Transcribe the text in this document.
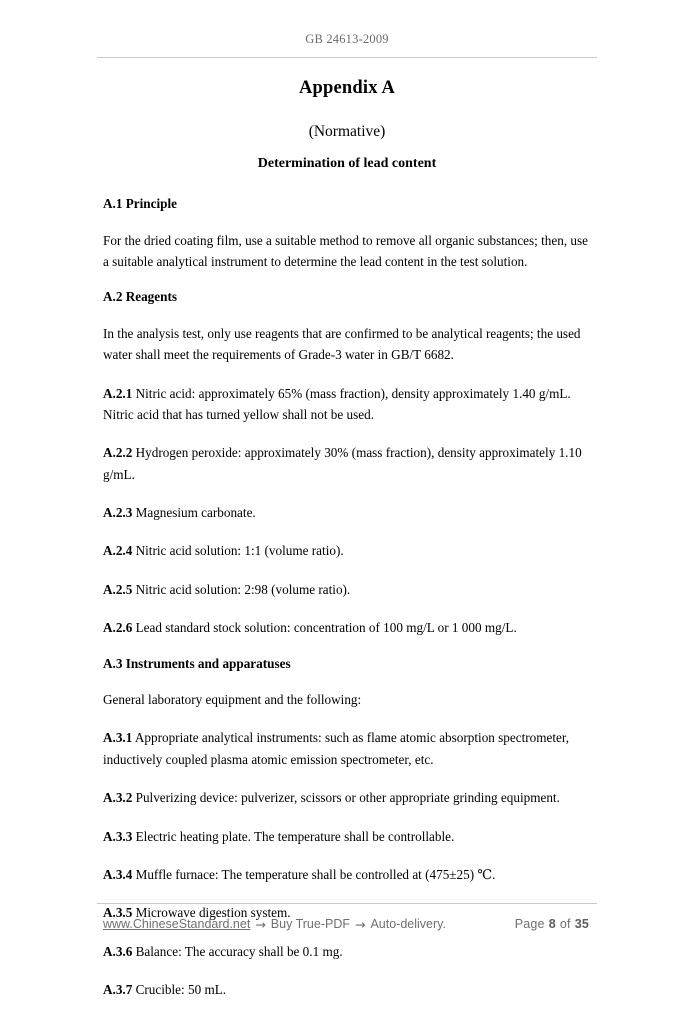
GB 24613-2009
Appendix A
(Normative)
Determination of lead content
A.1 Principle

For the dried coating film, use a suitable method to remove all organic substances; then, use a suitable analytical instrument to determine the lead content in the test solution.

A.2 Reagents

In the analysis test, only use reagents that are confirmed to be analytical reagents; the used water shall meet the requirements of Grade-3 water in GB/T 6682.

A.2.1 Nitric acid: approximately 65% (mass fraction), density approximately 1.40 g/mL. Nitric acid that has turned yellow shall not be used.

A.2.2 Hydrogen peroxide: approximately 30% (mass fraction), density approximately 1.10 g/mL.

A.2.3 Magnesium carbonate.

A.2.4 Nitric acid solution: 1:1 (volume ratio).

A.2.5 Nitric acid solution: 2:98 (volume ratio).

A.2.6 Lead standard stock solution: concentration of 100 mg/L or 1 000 mg/L.

A.3 Instruments and apparatuses

General laboratory equipment and the following:

A.3.1 Appropriate analytical instruments: such as flame atomic absorption spectrometer, inductively coupled plasma atomic emission spectrometer, etc.

A.3.2 Pulverizing device: pulverizer, scissors or other appropriate grinding equipment.

A.3.3 Electric heating plate. The temperature shall be controllable.

A.3.4 Muffle furnace: The temperature shall be controlled at (475±25) ℃.

A.3.5 Microwave digestion system.

A.3.6 Balance: The accuracy shall be 0.1 mg.

A.3.7 Crucible: 50 mL.

www.ChineseStandard.net → Buy True-PDF → Auto-delivery.	Page 8 of 35
